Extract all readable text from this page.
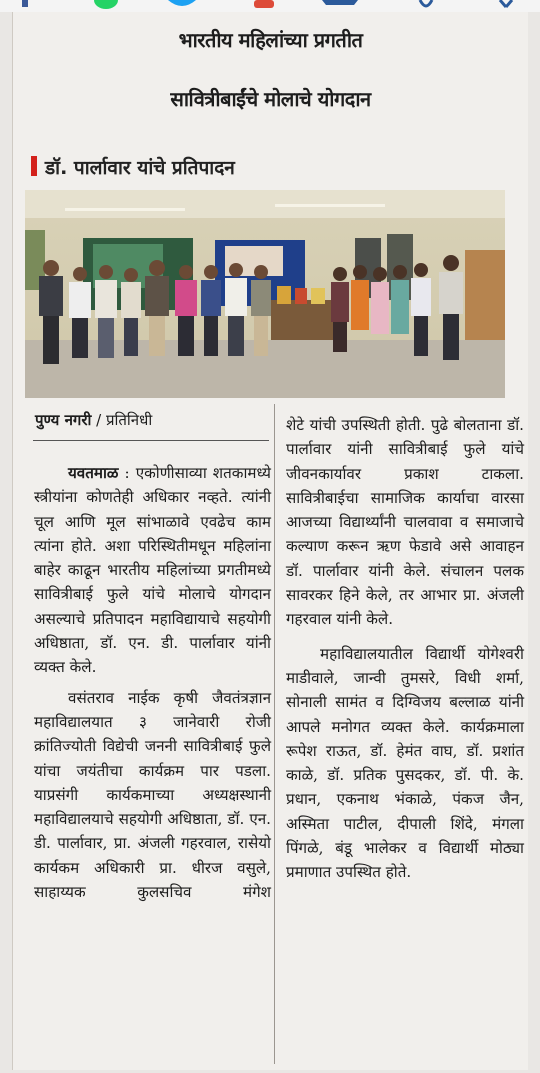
भारतीय महिलांच्या प्रगतीत
सावित्रीबाईंचे मोलाचे योगदान
डॉ. पार्लावार यांचे प्रतिपादन
पुण्य नगरी / प्रतिनिधी

यवतमाळ : एकोणीसाव्या शतकामध्ये स्त्रीयांना कोणतेही अधिकार नव्हते. त्यांनी चूल आणि मूल सांभाळावे एवढेच काम त्यांना होते. अशा परिस्थितीमधून महिलांना बाहेर काढून भारतीय महिलांच्या प्रगतीमध्ये सावित्रीबाई फुले यांचे मोलाचे योगदान असल्याचे प्रतिपादन महाविद्यायाचे सहयोगी अधिष्ठाता, डॉ. एन. डी. पार्लावार यांनी व्यक्त केले.

वसंतराव नाईक कृषी जैवतंत्रज्ञान महाविद्यालयात ३ जानेवारी रोजी क्रांतिज्योती विद्येची जननी सावित्रीबाई फुले यांचा जयंतीचा कार्यक्रम पार पडला. याप्रसंगी कार्यकमाच्या अध्यक्षस्थानी महाविद्यालयाचे सहयोगी अधिष्ठाता, डॉ. एन. डी. पार्लावार, प्रा. अंजली गहरवाल, रासेयो कार्यकम अधिकारी प्रा. धीरज वसुले, साहाय्यक कुलसचिव मंगेश

शेटे यांची उपस्थिती होती. पुढे बोलताना डॉ. पार्लावार यांनी सावित्रीबाई फुले यांचे जीवनकार्यावर प्रकाश टाकला. सावित्रीबाईचा सामाजिक कार्याचा वारसा आजच्या विद्यार्थ्यांनी चालवावा व समाजाचे कल्याण करून ऋण फेडावे असे आवाहन डॉ. पार्लावार यांनी केले. संचालन पलक सावरकर हिने केले, तर आभार प्रा. अंजली गहरवाल यांनी केले.

महाविद्यालयातील विद्यार्थी योगेश्वरी माडीवाले, जान्वी तुमसरे, विधी शर्मा, सोनाली सामंत व दिग्विजय बल्लाळ यांनी आपले मनोगत व्यक्त केले. कार्यक्रमाला रूपेश राऊत, डॉ. हेमंत वाघ, डॉ. प्रशांत काळे, डॉ. प्रतिक पुसदकर, डॉ. पी. के. प्रधान, एकनाथ भंकाळे, पंकज जैन, अस्मिता पाटील, दीपाली शिंदे, मंगला पिंगळे, बंडू भालेकर व विद्यार्थी मोठ्या प्रमाणात उपस्थित होते.
